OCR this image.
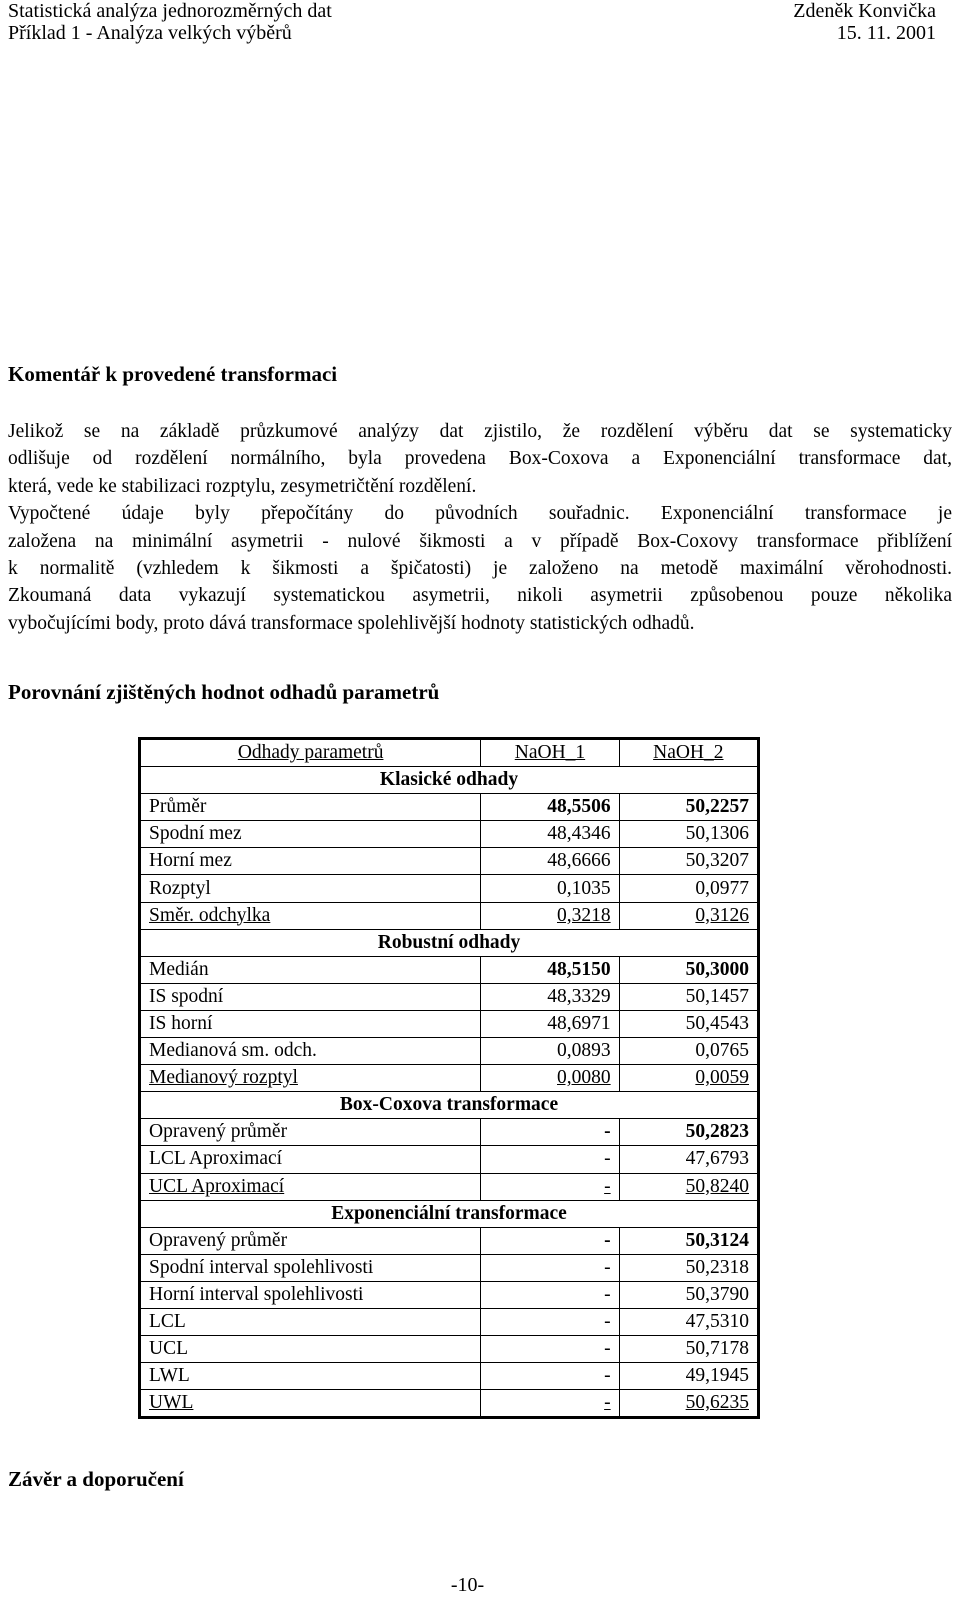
Statistická analýza jednorozměrných dat	Zdeněk Konvička
Příklad 1 - Analýza velkých výběrů	15. 11. 2001
Komentář k provedené transformaci
Jelikož se na základě průzkumové analýzy dat zjistilo, že rozdělení výběru dat se systematicky
odlišuje od rozdělení normálního, byla provedena Box-Coxova a Exponenciální transformace dat,
která, vede ke stabilizaci rozptylu, zesymetričtění rozdělení.
Vypočtené údaje byly přepočítány do původních souřadnic. Exponenciální transformace je
založena na minimální asymetrii - nulové šikmosti a v případě Box-Coxovy transformace přiblížení
k normalitě (vzhledem k šikmosti a špičatosti) je založeno na metodě maximální věrohodnosti.
Zkoumaná data vykazují systematickou asymetrii, nikoli asymetrii způsobenou pouze několika
vybočujícími body, proto dává transformace spolehlivější hodnoty statistických odhadů.
Porovnání zjištěných hodnot odhadů parametrů
Odhady parametrů	NaOH_1	NaOH_2
Klasické odhady		
Průměr	48,5506	50,2257
Spodní mez	48,4346	50,1306
Horní mez	48,6666	50,3207
Rozptyl	0,1035	0,0977
Směr. odchylka	0,3218	0,3126
Robustní odhady		
Medián	48,5150	50,3000
IS spodní	48,3329	50,1457
IS horní	48,6971	50,4543
Medianová sm. odch.	0,0893	0,0765
Medianový rozptyl	0,0080	0,0059
Box-Coxova transformace		
Opravený průměr	-	50,2823
LCL Aproximací	-	47,6793
UCL Aproximací	-	50,8240
Exponenciální transformace		
Opravený průměr	-	50,3124
Spodní interval spolehlivosti	-	50,2318
Horní interval spolehlivosti	-	50,3790
LCL	-	47,5310
UCL	-	50,7178
LWL	-	49,1945
UWL	-	50,6235
Závěr a doporučení
-10-
